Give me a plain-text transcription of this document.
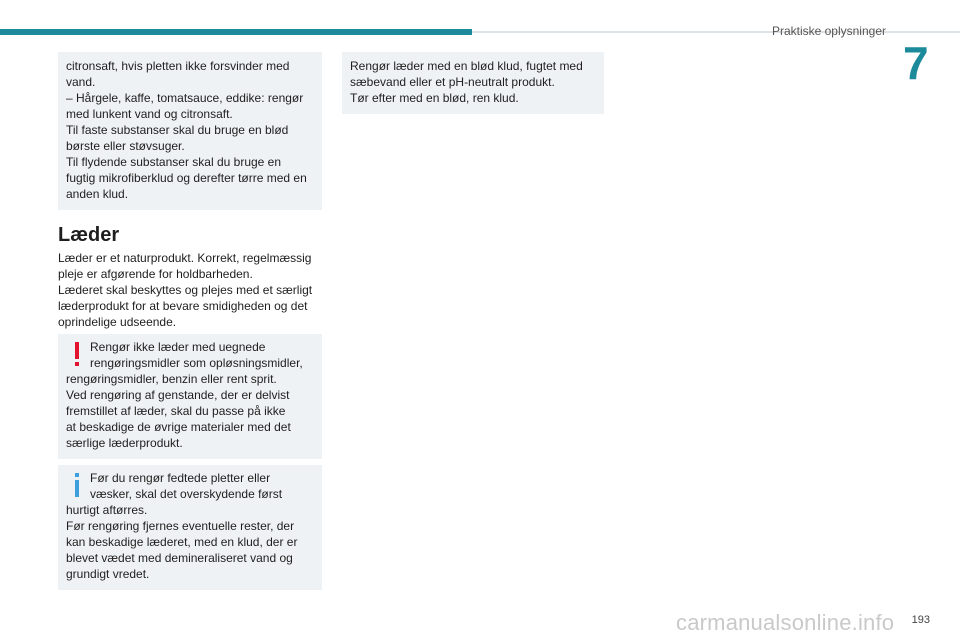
Praktiske oplysninger
7

citronsaft, hvis pletten ikke forsvinder med

vand.

– Hårgele, kaffe, tomatsauce, eddike: rengør

med lunkent vand og citronsaft.

Til faste substanser skal du bruge en blød

børste eller støvsuger.

Til flydende substanser skal du bruge en

fugtig mikrofiberklud og derefter tørre med en

anden klud.

Læder

Læder er et naturprodukt. Korrekt, regelmæssig

pleje er afgørende for holdbarheden.

Læderet skal beskyttes og plejes med et særligt

læderprodukt for at bevare smidigheden og det

oprindelige udseende.

Rengør ikke læder med uegnede

rengøringsmidler som opløsningsmidler,

rengøringsmidler, benzin eller rent sprit.

Ved rengøring af genstande, der er delvist

fremstillet af læder, skal du passe på ikke

at beskadige de øvrige materialer med det

særlige læderprodukt.

Før du rengør fedtede pletter eller

væsker, skal det overskydende først

hurtigt aftørres.

Før rengøring fjernes eventuelle rester, der

kan beskadige læderet, med en klud, der er

blevet vædet med demineraliseret vand og

grundigt vredet.

Rengør læder med en blød klud, fugtet med

sæbevand eller et pH-neutralt produkt.

Tør efter med en blød, ren klud.

carmanualsonline.info 193
